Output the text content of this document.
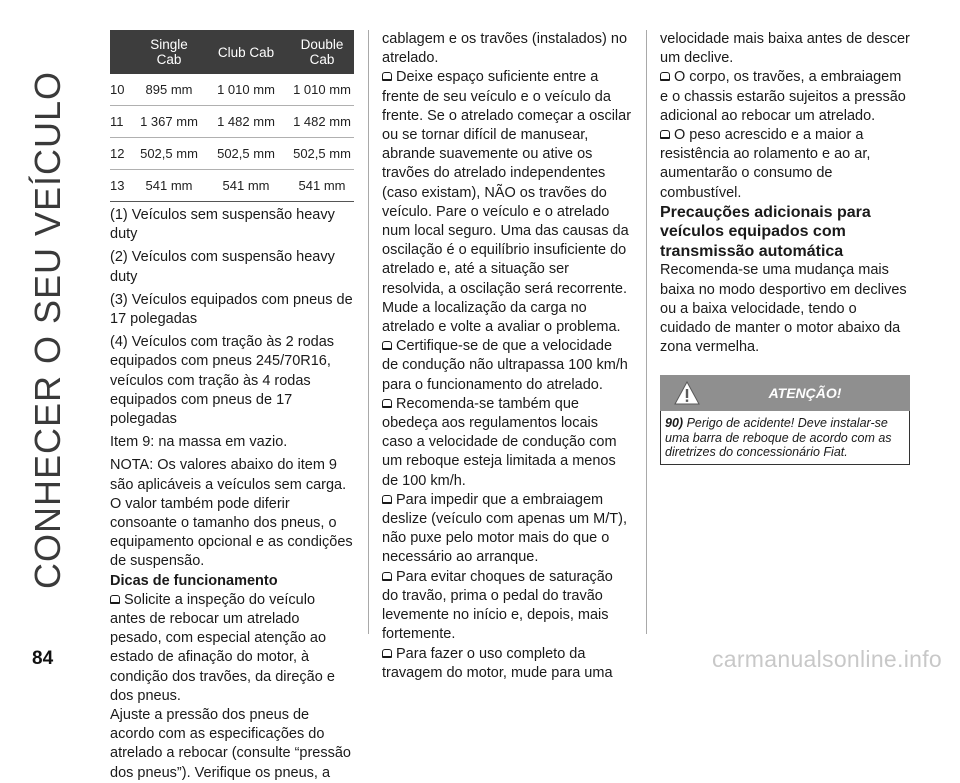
CONHECER O SEU VEÍCULO
	Single Cab	Club Cab	Double Cab
10	895 mm	1 010 mm	1 010 mm
11	1 367 mm	1 482 mm	1 482 mm
12	502,5 mm	502,5 mm	502,5 mm
13	541 mm	541 mm	541 mm

(1) Veículos sem suspensão heavy duty

(2) Veículos com suspensão heavy duty

(3) Veículos equipados com pneus de 17 polegadas

(4) Veículos com tração às 2 rodas equipados com pneus 245/70R16, veículos com tração às 4 rodas equipados com pneus de 17 polegadas

Item 9: na massa em vazio.

NOTA: Os valores abaixo do item 9 são aplicáveis a veículos sem carga. O valor também pode diferir consoante o tamanho dos pneus, o equipamento opcional e as condições de suspensão.

Dicas de funcionamento

Solicite a inspeção do veículo antes de rebocar um atrelado pesado, com especial atenção ao estado de afinação do motor, à condição dos travões, da direção e dos pneus.

Ajuste a pressão dos pneus de acordo com as especificações do atrelado a rebocar (consulte “pressão dos pneus”). Verifique os pneus, a

cablagem e os travões (instalados) no atrelado.

Deixe espaço suficiente entre a frente de seu veículo e o veículo da frente. Se o atrelado começar a oscilar ou se tornar difícil de manusear, abrande suavemente ou ative os travões do atrelado independentes (caso existam), NÃO os travões do veículo. Pare o veículo e o atrelado num local seguro. Uma das causas da oscilação é o equilíbrio insuficiente do atrelado e, até a situação ser resolvida, a oscilação será recorrente. Mude a localização da carga no atrelado e volte a avaliar o problema.

Certifique-se de que a velocidade de condução não ultrapassa 100 km/h para o funcionamento do atrelado.

Recomenda-se também que obedeça aos regulamentos locais caso a velocidade de condução com um reboque esteja limitada a menos de 100 km/h.

Para impedir que a embraiagem deslize (veículo com apenas um M/T), não puxe pelo motor mais do que o necessário ao arranque.

Para evitar choques de saturação do travão, prima o pedal do travão levemente no início e, depois, mais fortemente.

Para fazer o uso completo da travagem do motor, mude para uma

velocidade mais baixa antes de descer um declive.

O corpo, os travões, a embraiagem e o chassis estarão sujeitos a pressão adicional ao rebocar um atrelado.

O peso acrescido e a maior a resistência ao rolamento e ao ar, aumentarão o consumo de combustível.

Precauções adicionais para veículos equipados com transmissão automática

Recomenda-se uma mudança mais baixa no modo desportivo em declives ou a baixa velocidade, tendo o cuidado de manter o motor abaixo da zona vermelha.

ATENÇÃO!
90) Perigo de acidente! Deve instalar-se uma barra de reboque de acordo com as diretrizes do concessionário Fiat.
84	carmanualsonline.info
